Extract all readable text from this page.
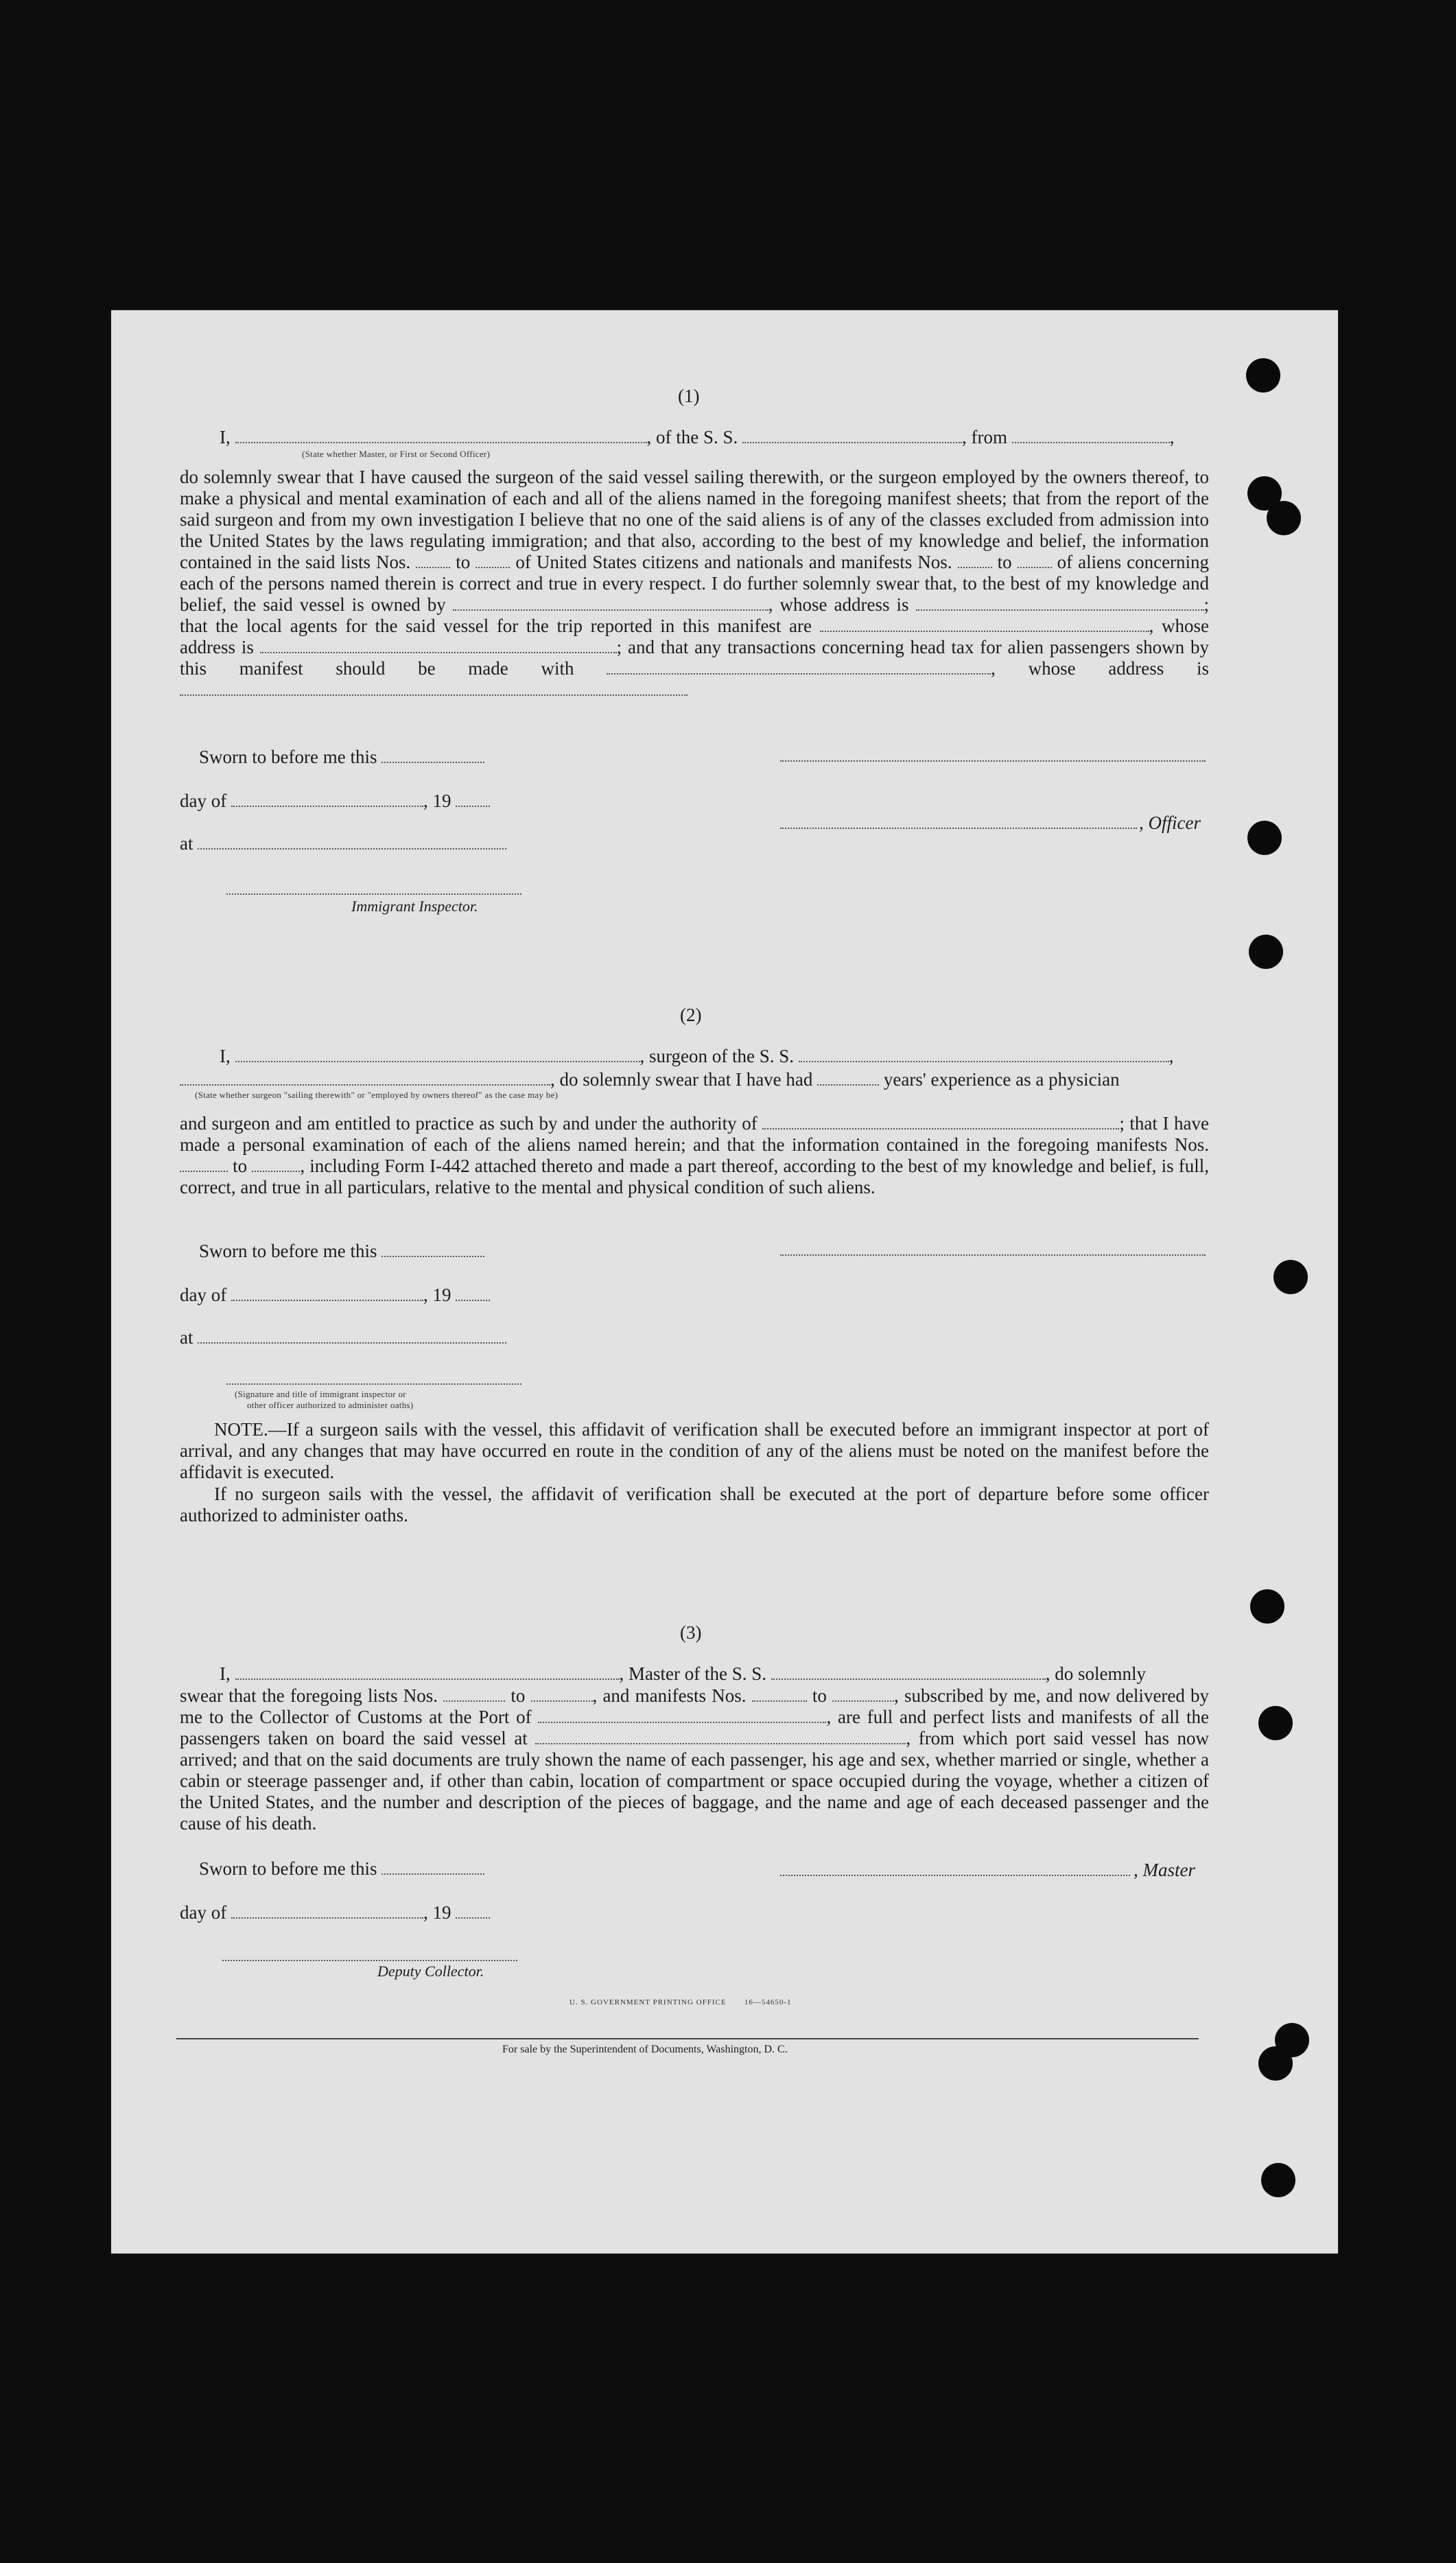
(1)
I,	, of the S. S.	, from	,
(State whether Master, or First or Second Officer)
do solemnly swear that I have caused the surgeon of the said vessel sailing therewith, or the surgeon employed by the owners thereof, to make a physical and mental examination of each and all of the aliens named in the foregoing manifest sheets; that from the report of the said surgeon and from my own investigation I believe that no one of the said aliens is of any of the classes excluded from admission into the United States by the laws regulating immigration; and that also, according to the best of my knowledge and belief, the information contained in the said lists Nos. to of United States citizens and nationals and manifests Nos. to of aliens concerning each of the persons named therein is correct and true in every respect. I do further solemnly swear that, to the best of my knowledge and belief, the said vessel is owned by	, whose address is	; that the local agents for the said vessel for the trip reported in this manifest are	, whose address is	; and that any transactions concerning head tax for alien passengers shown by this manifest should be made with	, whose address is
Sworn to before me this
day of	, 19
, Officer
at
Immigrant Inspector.
(2)
I,	, surgeon of the S. S.	,
, do solemnly swear that I have had	years' experience as a physician
(State whether surgeon "sailing therewith" or "employed by owners thereof" as the case may be)
and surgeon and am entitled to practice as such by and under the authority of	; that I have made a personal examination of each of the aliens named herein; and that the information contained in the foregoing manifests Nos.  to	, including Form I-442 attached thereto and made a part thereof, according to the best of my knowledge and belief, is full, correct, and true in all particulars, relative to the mental and physical condition of such aliens.
Sworn to before me this
day of	, 19
at
(Signature and title of immigrant inspector or
other officer authorized to administer oaths)
NOTE.—If a surgeon sails with the vessel, this affidavit of verification shall be executed before an immigrant inspector at port of arrival, and any changes that may have occurred en route in the condition of any of the aliens must be noted on the manifest before the affidavit is executed.
If no surgeon sails with the vessel, the affidavit of verification shall be executed at the port of departure before some officer authorized to administer oaths.
(3)
I,	, Master of the S. S.	, do solemnly
swear that the foregoing lists Nos.	to	, and manifests Nos.	to	, subscribed by me, and now delivered by me to the Collector of Customs at the Port of	, are full and perfect lists and manifests of all the passengers taken on board the said vessel at	, from which port said vessel has now arrived; and that on the said documents are truly shown the name of each passenger, his age and sex, whether married or single, whether a cabin or steerage passenger and, if other than cabin, location of compartment or space occupied during the voyage, whether a citizen of the United States, and the number and description of the pieces of baggage, and the name and age of each deceased passenger and the cause of his death.
Sworn to before me this	, Master
day of	, 19
Deputy Collector.
U. S. GOVERNMENT PRINTING OFFICE 16—54650-1
For sale by the Superintendent of Documents, Washington, D. C.
